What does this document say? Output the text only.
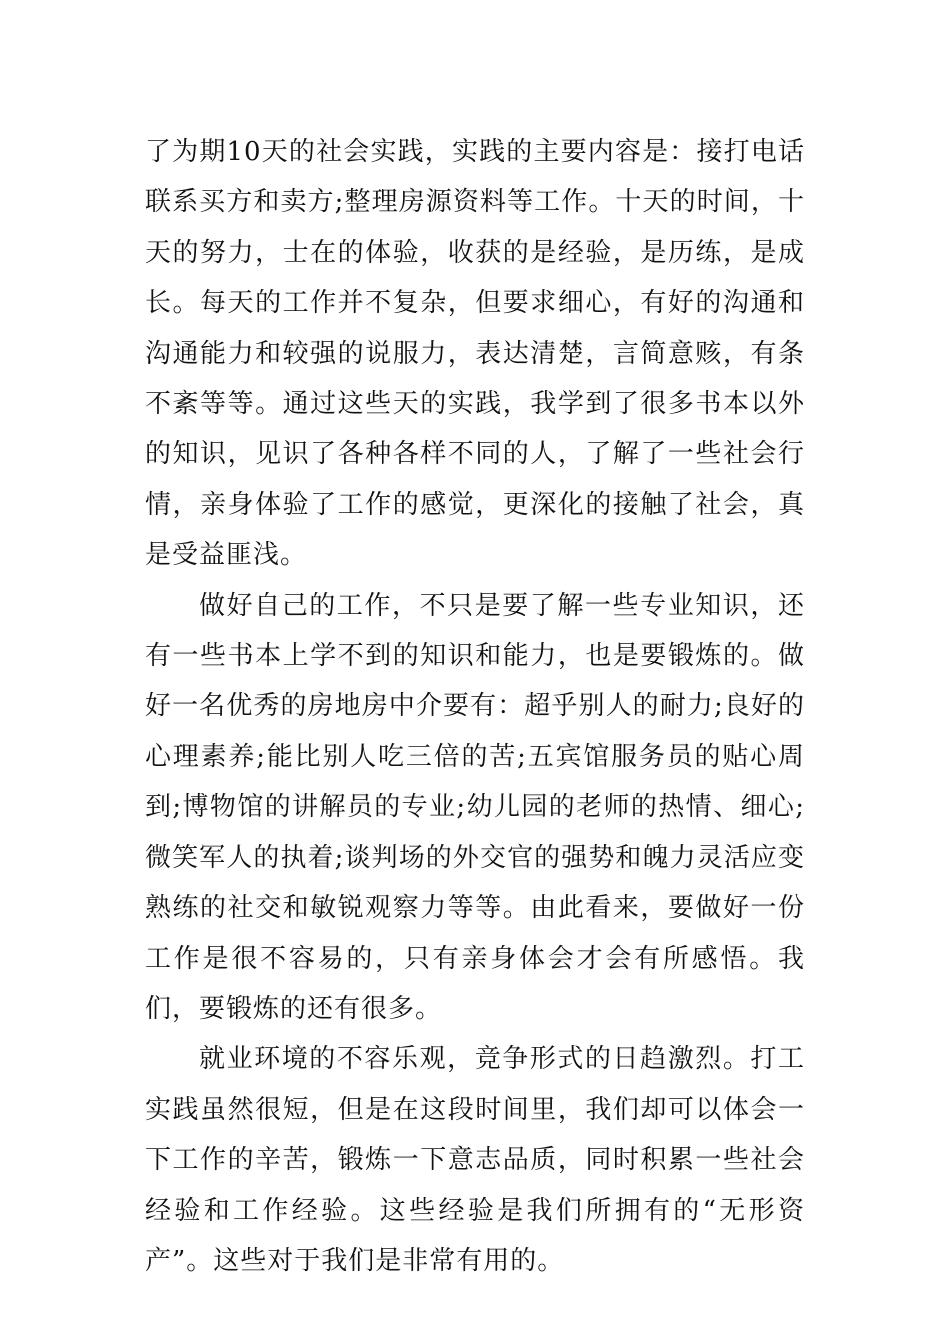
了为期10天的社会实践，实践的主要内容是：接打电话联系买方和卖方;整理房源资料等工作。十天的时间，十天的努力，士在的体验，收获的是经验，是历练，是成长。每天的工作并不复杂，但要求细心，有好的沟通和沟通能力和较强的说服力，表达清楚，言简意赅，有条不紊等等。通过这些天的实践，我学到了很多书本以外的知识，见识了各种各样不同的人，了解了一些社会行情，亲身体验了工作的感觉，更深化的接触了社会，真是受益匪浅。

做好自己的工作，不只是要了解一些专业知识，还有一些书本上学不到的知识和能力，也是要锻炼的。做好一名优秀的房地房中介要有：超乎别人的耐力;良好的心理素养;能比别人吃三倍的苦;五宾馆服务员的贴心周到;博物馆的讲解员的专业;幼儿园的老师的热情、细心;微笑军人的执着;谈判场的外交官的强势和魄力灵活应变熟练的社交和敏锐观察力等等。由此看来，要做好一份工作是很不容易的，只有亲身体会才会有所感悟。我们，要锻炼的还有很多。

就业环境的不容乐观，竞争形式的日趋激烈。打工实践虽然很短，但是在这段时间里，我们却可以体会一下工作的辛苦，锻炼一下意志品质，同时积累一些社会经验和工作经验。这些经验是我们所拥有的“无形资产”。这些对于我们是非常有用的。
